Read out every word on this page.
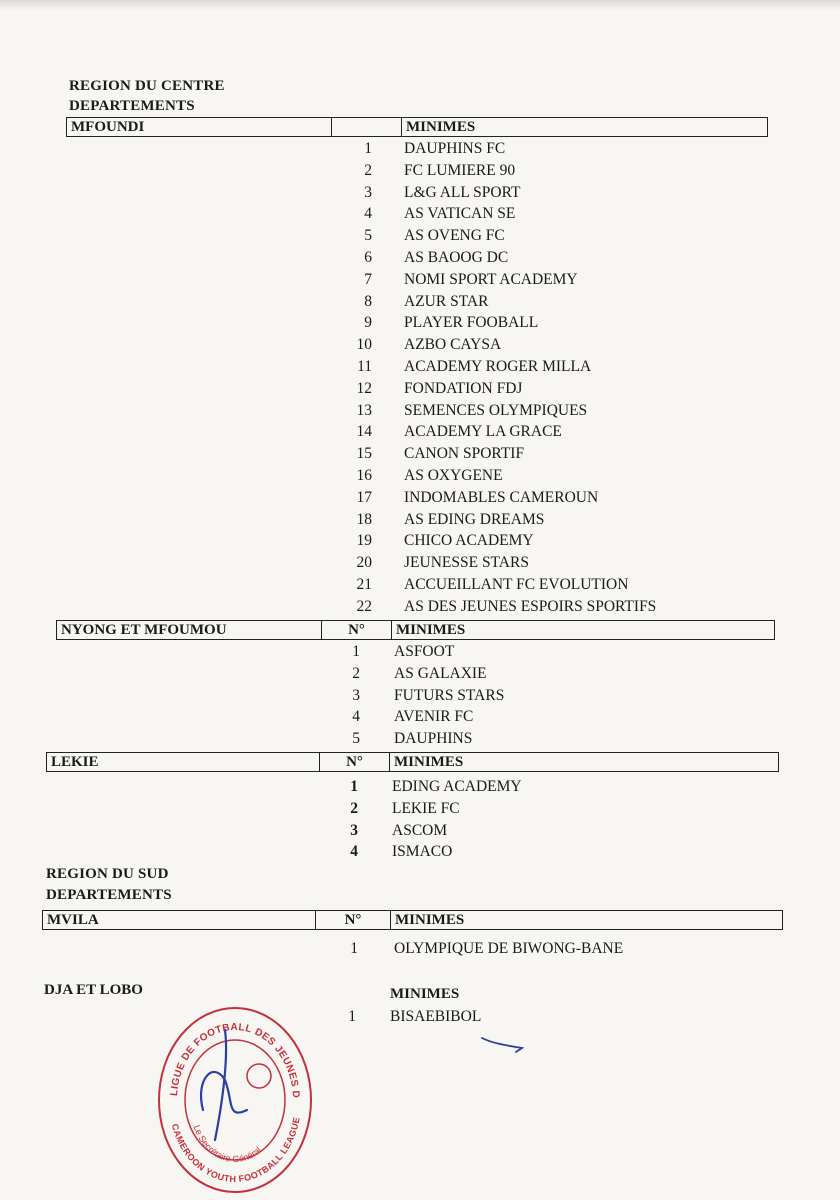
REGION DU CENTRE
DEPARTEMENTS
MFOUNDI	MINIMES
1 DAUPHINS FC
2 FC LUMIERE 90
3 L&G ALL SPORT
4 AS VATICAN SE
5 AS OVENG FC
6 AS BAOOG DC
7 NOMI SPORT ACADEMY
8 AZUR STAR
9 PLAYER FOOBALL
10 AZBO CAYSA
11 ACADEMY ROGER MILLA
12 FONDATION FDJ
13 SEMENCES OLYMPIQUES
14 ACADEMY LA GRACE
15 CANON SPORTIF
16 AS OXYGENE
17 INDOMABLES CAMEROUN
18 AS EDING DREAMS
19 CHICO ACADEMY
20 JEUNESSE STARS
21 ACCUEILLANT FC EVOLUTION
22 AS DES JEUNES ESPOIRS SPORTIFS
NYONG ET MFOUMOU	N°	MINIMES
1 ASFOOT
2 AS GALAXIE
3 FUTURS STARS
4 AVENIR FC
5 DAUPHINS
LEKIE	N°	MINIMES
1 EDING ACADEMY
2 LEKIE FC
3 ASCOM
4 ISMACO
REGION DU SUD
DEPARTEMENTS
MVILA	N°	MINIMES
1 OLYMPIQUE DE BIWONG-BANE
DJA ET LOBO	MINIMES
1 BISAEBIBOL
LIGUE DE FOOTBALL DES JEUNES D
CAMEROON YOUTH FOOTBALL LEAGUE
Le Secrétaire Général
